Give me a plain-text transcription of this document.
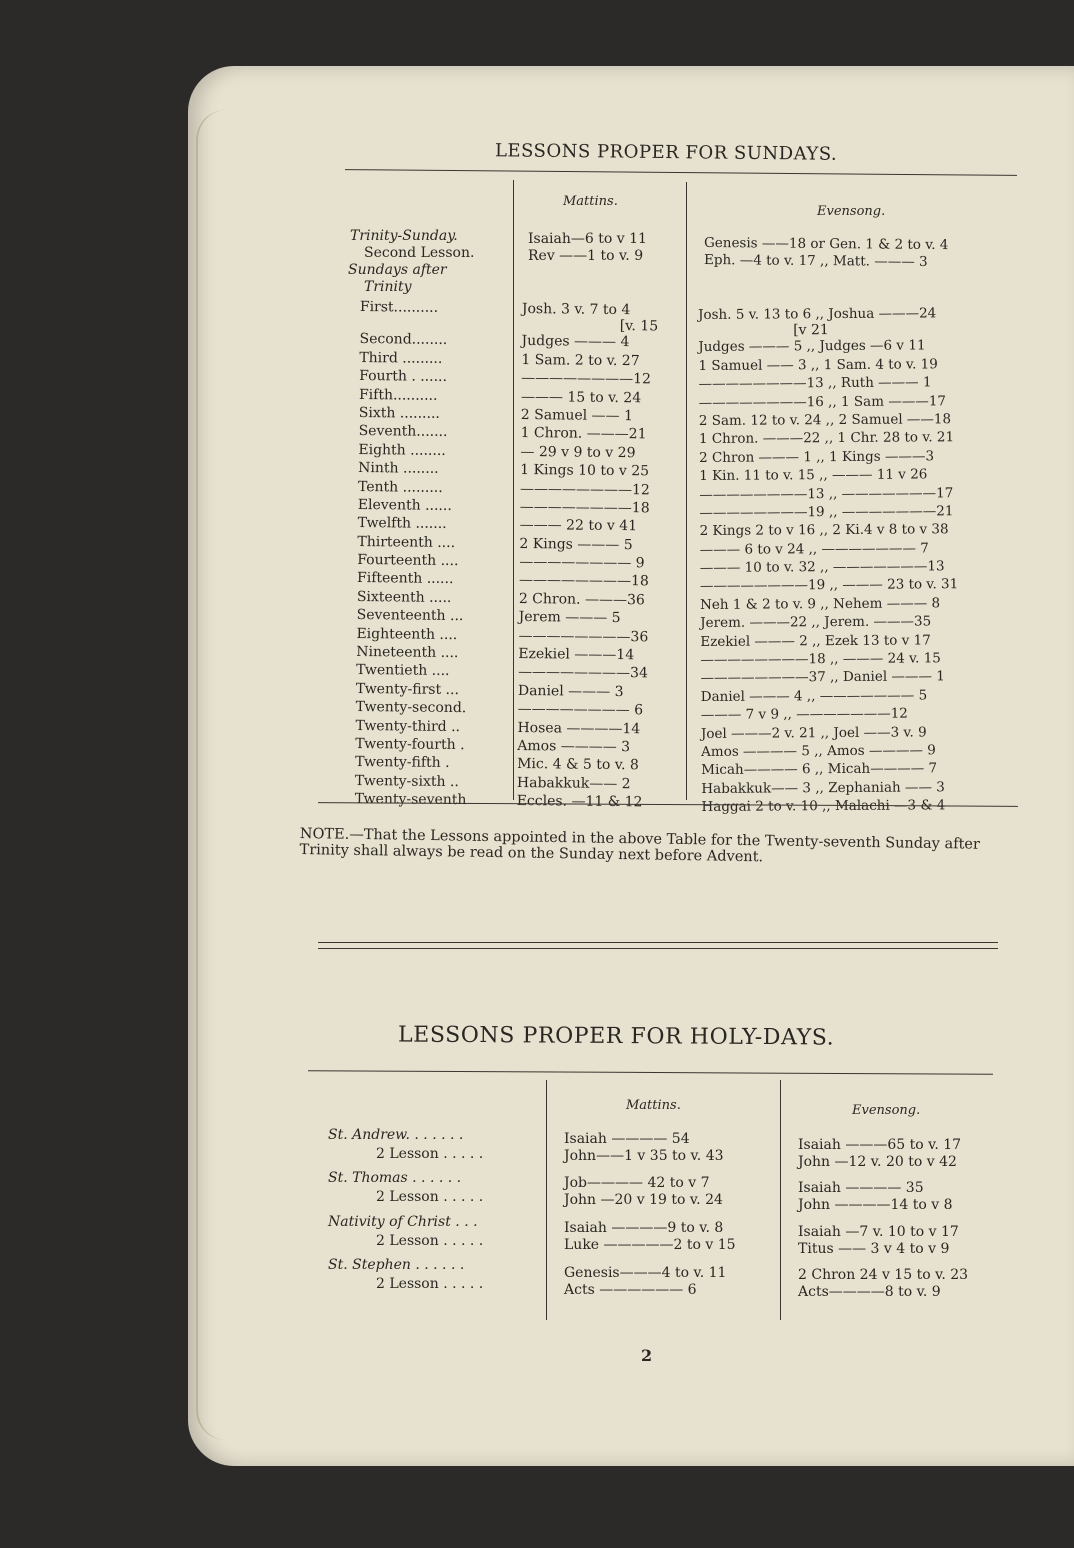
LESSONS PROPER FOR SUNDAYS.
Mattins.
Evensong.
Trinity-Sunday.
Second Lesson.
Sundays after
Trinity
Isaiah—6 to v 11
Rev ——1 to v. 9
Genesis ——18 or Gen. 1 & 2 to v. 4
Eph. —4 to v. 17 ,, Matt. ——— 3
First..........
Second........
Third .........
Fourth . ......
Fifth..........
Sixth .........
Seventh.......
Eighth ........
Ninth ........
Tenth .........
Eleventh ......
Twelfth .......
Thirteenth ....
Fourteenth ....
Fifteenth ......
Sixteenth .....
Seventeenth ...
Eighteenth ....
Nineteenth ....
Twentieth ....
Twenty-first ...
Twenty-second.
Twenty-third ..
Twenty-fourth .
Twenty-fifth .
Twenty-sixth ..
Twenty-seventh
Josh. 3 v. 7 to 4
[v. 15
Judges ——— 4
1 Sam. 2 to v. 27
————————12
——— 15 to v. 24
2 Samuel —— 1
1 Chron. ———21
— 29 v 9 to v 29
1 Kings 10 to v 25
————————12
————————18
——— 22 to v 41
2 Kings ——— 5
———————— 9
————————18
2 Chron. ———36
Jerem ——— 5
————————36
Ezekiel ———14
————————34
Daniel ——— 3
———————— 6
Hosea ————14
Amos ———— 3
Mic. 4 & 5 to v. 8
Habakkuk—— 2
Eccles. —11 & 12
Josh. 5 v. 13 to 6 ,, Joshua ———24
[v 21
Judges ——— 5 ,, Judges —6 v 11
1 Samuel —— 3 ,, 1 Sam. 4 to v. 19
————————13 ,, Ruth ——— 1
————————16 ,, 1 Sam ———17
2 Sam. 12 to v. 24 ,, 2 Samuel ——18
1 Chron. ———22 ,, 1 Chr. 28 to v. 21
2 Chron ——— 1 ,, 1 Kings ———3
1 Kin. 11 to v. 15 ,, ——— 11 v 26
————————13 ,, ———————17
————————19 ,, ———————21
2 Kings 2 to v 16 ,, 2 Ki.4 v 8 to v 38
——— 6 to v 24 ,, ——————— 7
——— 10 to v. 32 ,, ———————13
————————19 ,, ——— 23 to v. 31
Neh 1 & 2 to v. 9 ,, Nehem ——— 8
Jerem. ———22 ,, Jerem. ———35
Ezekiel ——— 2 ,, Ezek 13 to v 17
————————18 ,, ——— 24 v. 15
————————37 ,, Daniel ——— 1
Daniel ——— 4 ,, ——————— 5
——— 7 v 9 ,, ———————12
Joel ———2 v. 21 ,, Joel ——3 v. 9
Amos ———— 5 ,, Amos ———— 9
Micah———— 6 ,, Micah———— 7
Habakkuk—— 3 ,, Zephaniah —— 3
Haggai 2 to v. 10 ,, Malachi —3 & 4
NOTE.—That the Lessons appointed in the above Table for the Twenty-seventh Sunday after Trinity shall always be read on the Sunday next before Advent.
LESSONS PROPER FOR HOLY-DAYS.
Mattins.	Evensong.
St. Andrew. . . . . . .
2 Lesson . . . . .
St. Thomas . . . . . .
2 Lesson . . . . .
Nativity of Christ . . .
2 Lesson . . . . .
St. Stephen . . . . . .
2 Lesson . . . . .
Isaiah ———— 54
John——1 v 35 to v. 43
Job———— 42 to v 7
John —20 v 19 to v. 24
Isaiah ————9 to v. 8
Luke —————2 to v 15
Genesis———4 to v. 11
Acts —————— 6
Isaiah ———65 to v. 17
John —12 v. 20 to v 42
Isaiah ———— 35
John ————14 to v 8
Isaiah —7 v. 10 to v 17
Titus —— 3 v 4 to v 9
2 Chron 24 v 15 to v. 23
Acts————8 to v. 9
2
